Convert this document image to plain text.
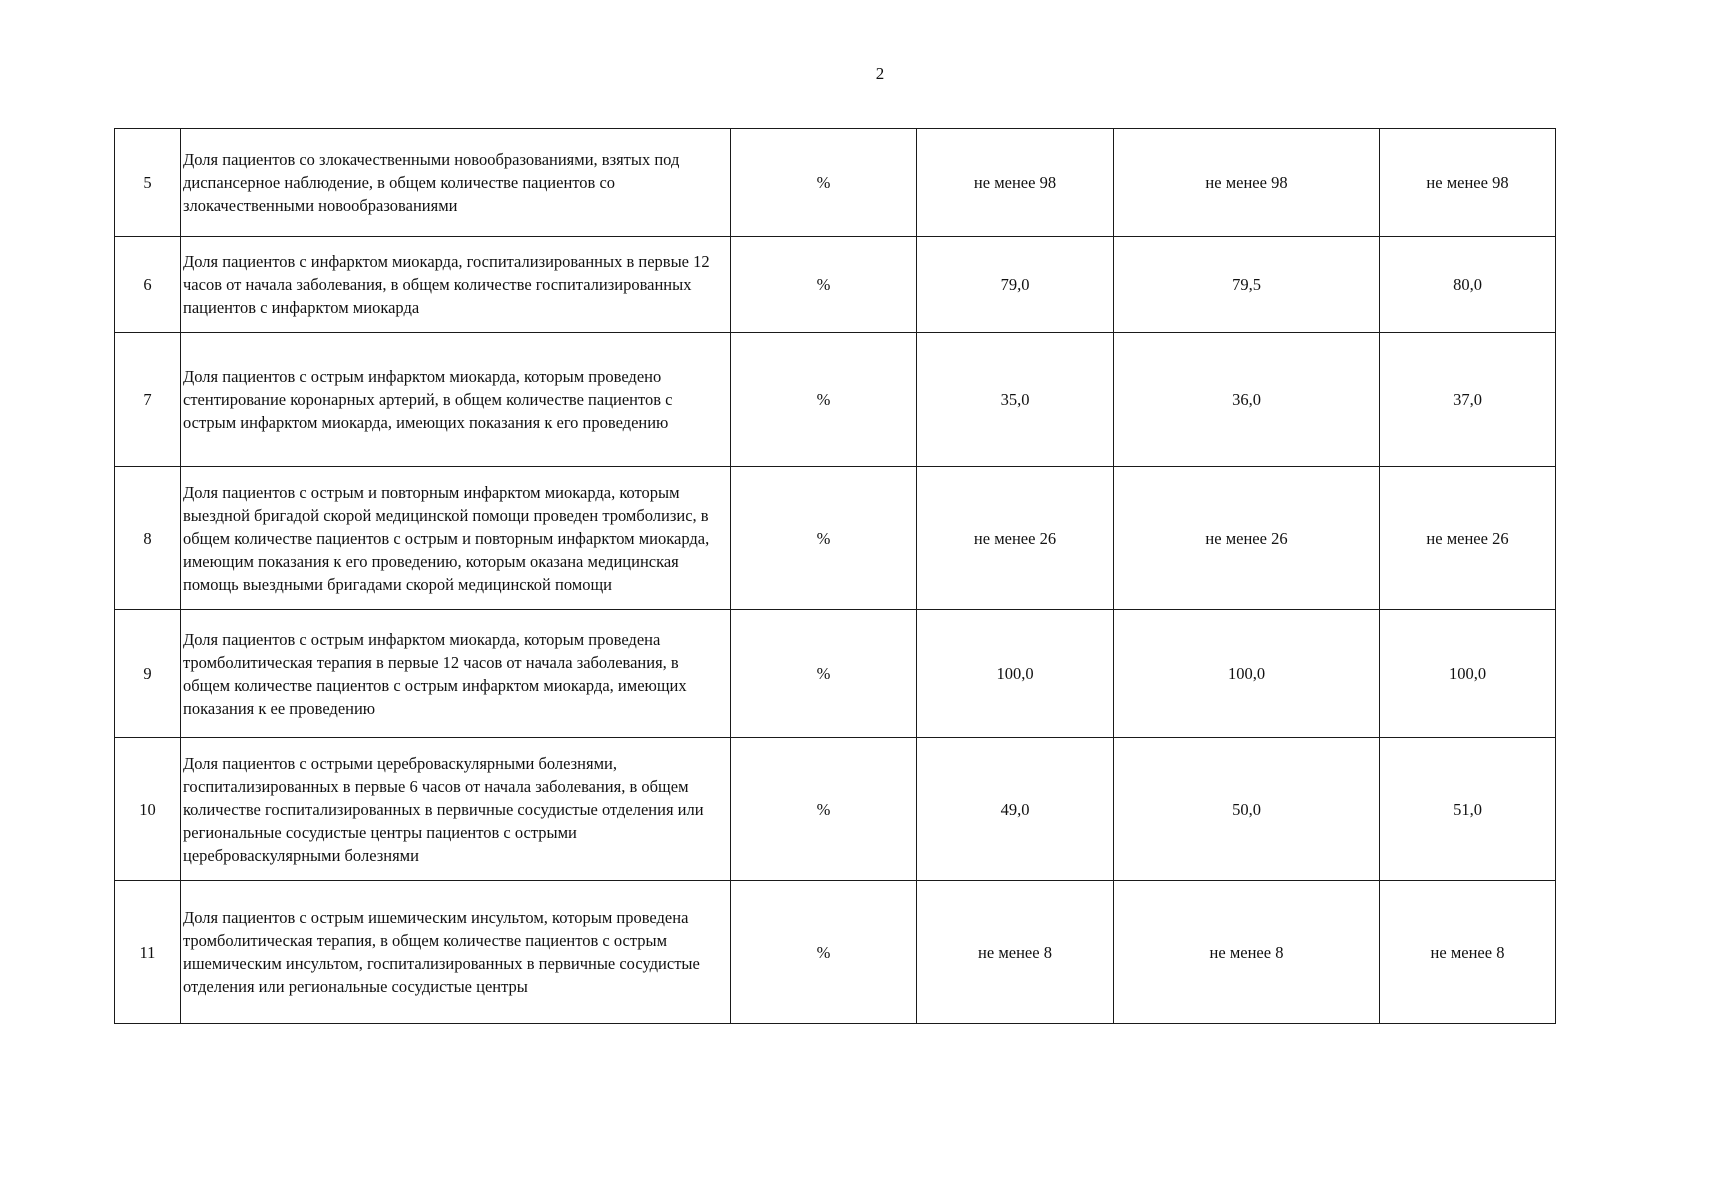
2
5	Доля пациентов со злокачественными новообразованиями, взятых под диспансерное наблюдение, в общем количестве пациентов со злокачественными новообразованиями	%	не менее 98	не менее 98	не менее 98
6	Доля пациентов с инфарктом миокарда, госпитализированных в первые 12 часов от начала заболевания, в общем количестве госпитализированных пациентов с инфарктом миокарда	%	79,0	79,5	80,0
7	Доля пациентов с острым инфарктом миокарда, которым проведено стентирование коронарных артерий, в общем количестве пациентов с острым инфарктом миокарда, имеющих показания к его проведению	%	35,0	36,0	37,0
8	Доля пациентов с острым и повторным инфарктом миокарда, которым выездной бригадой скорой медицинской помощи проведен тромболизис, в общем количестве пациентов с острым и повторным инфарктом миокарда, имеющим показания к его проведению, которым оказана медицинская помощь выездными бригадами скорой медицинской помощи	%	не менее 26	не менее 26	не менее 26
9	Доля пациентов с острым инфарктом миокарда, которым проведена тромболитическая терапия в первые 12 часов от начала заболевания, в общем количестве пациентов с острым инфарктом миокарда, имеющих показания к ее проведению	%	100,0	100,0	100,0
10	Доля пациентов с острыми цереброваскулярными болезнями, госпитализированных в первые 6 часов от начала заболевания, в общем количестве госпитализированных в первичные сосудистые отделения или региональные сосудистые центры пациентов с острыми цереброваскулярными болезнями	%	49,0	50,0	51,0
11	Доля пациентов с острым ишемическим инсультом, которым проведена тромболитическая терапия, в общем количестве пациентов с острым ишемическим инсультом, госпитализированных в первичные сосудистые отделения или региональные сосудистые центры	%	не менее 8	не менее 8	не менее 8
